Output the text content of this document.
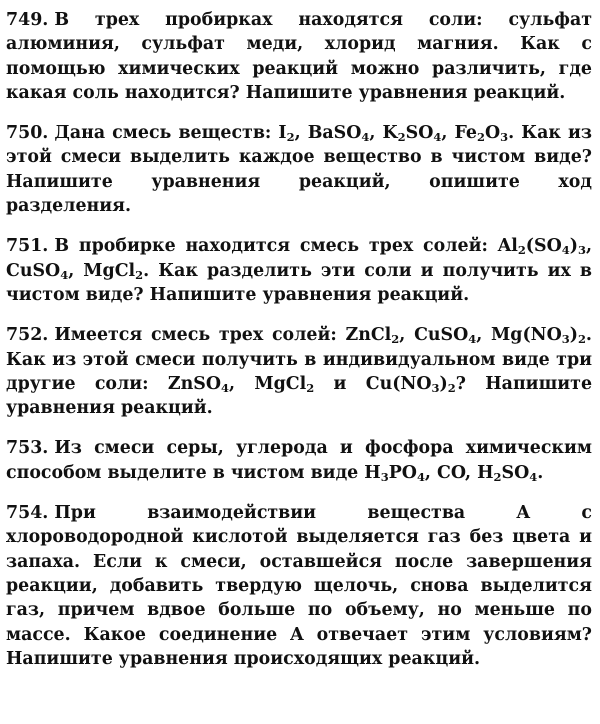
749. В трех пробирках находятся соли: сульфат алюминия, сульфат меди, хлорид магния. Как с помощью химических реакций можно различить, где какая соль находится? Напишите уравнения реакций.

750. Дана смесь веществ: $I_2$, BaSO$_4$, $K_2SO_4$, $Fe_2O_3$. Как из этой смеси выделить каждое вещество в чистом виде? Напишите уравнения реакций, опишите ход разделения.

751. В пробирке находится смесь трех солей: $Al_2(SO_4)_3$, CuSO$_4$, MgCl$_2$. Как разделить эти соли и получить их в чистом виде? Напишите уравнения реакций.

752. Имеется смесь трех солей: ZnCl$_2$, CuSO$_4$, $Mg(NO_3)_2$. Как из этой смеси получить в индивидуальном виде три другие соли: ZnSO$_4$, MgCl$_2$ и $Cu(NO_3)_2$? Напишите уравнения реакций.

753. Из смеси серы, углерода и фосфора химическим способом выделите в чистом виде $H_3PO_4$, CO, $H_2SO_4$.

754. При взаимодействии вещества A с хлороводородной кислотой выделяется газ без цвета и запаха. Если к смеси, оставшейся после завершения реакции, добавить твердую щелочь, снова выделится газ, причем вдвое больше по объему, но меньше по массе. Какое соединение A отвечает этим условиям? Напишите уравнения происходящих реакций.
